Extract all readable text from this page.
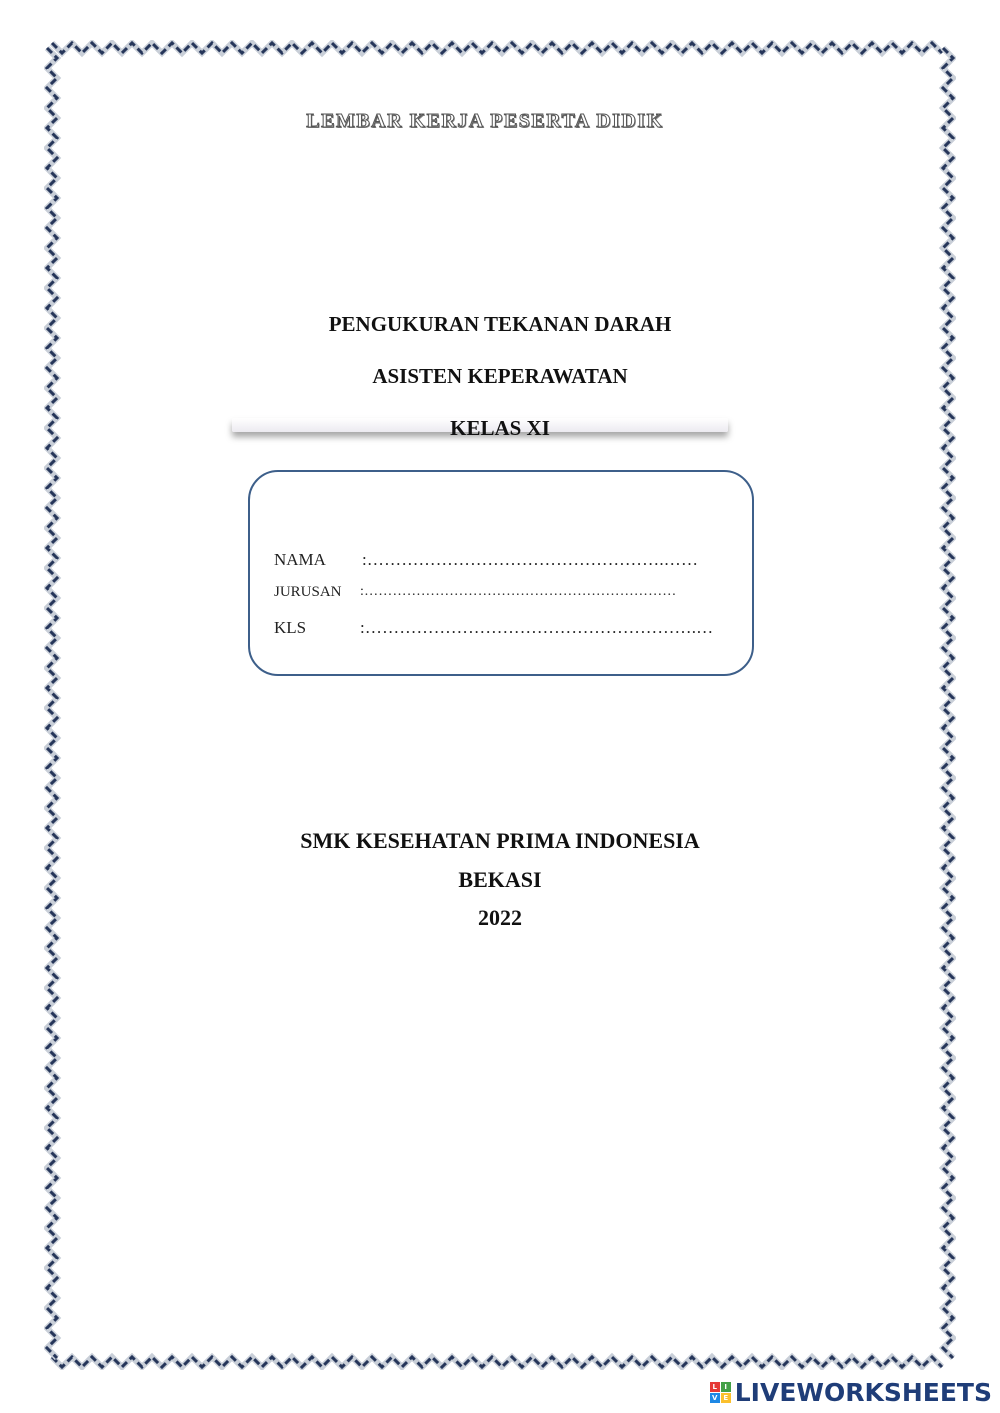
LEMBAR KERJA PESERTA DIDIK
PENGUKURAN TEKANAN DARAH
ASISTEN KEPERAWATAN
KELAS XI
NAMA :…………………………………………….……
JURUSAN :…………………………………………………………
KLS	:………………………………………………….…
SMK KESEHATAN PRIMA INDONESIA
BEKASI
2022
L	I
V E LIVEWORKSHEETS
